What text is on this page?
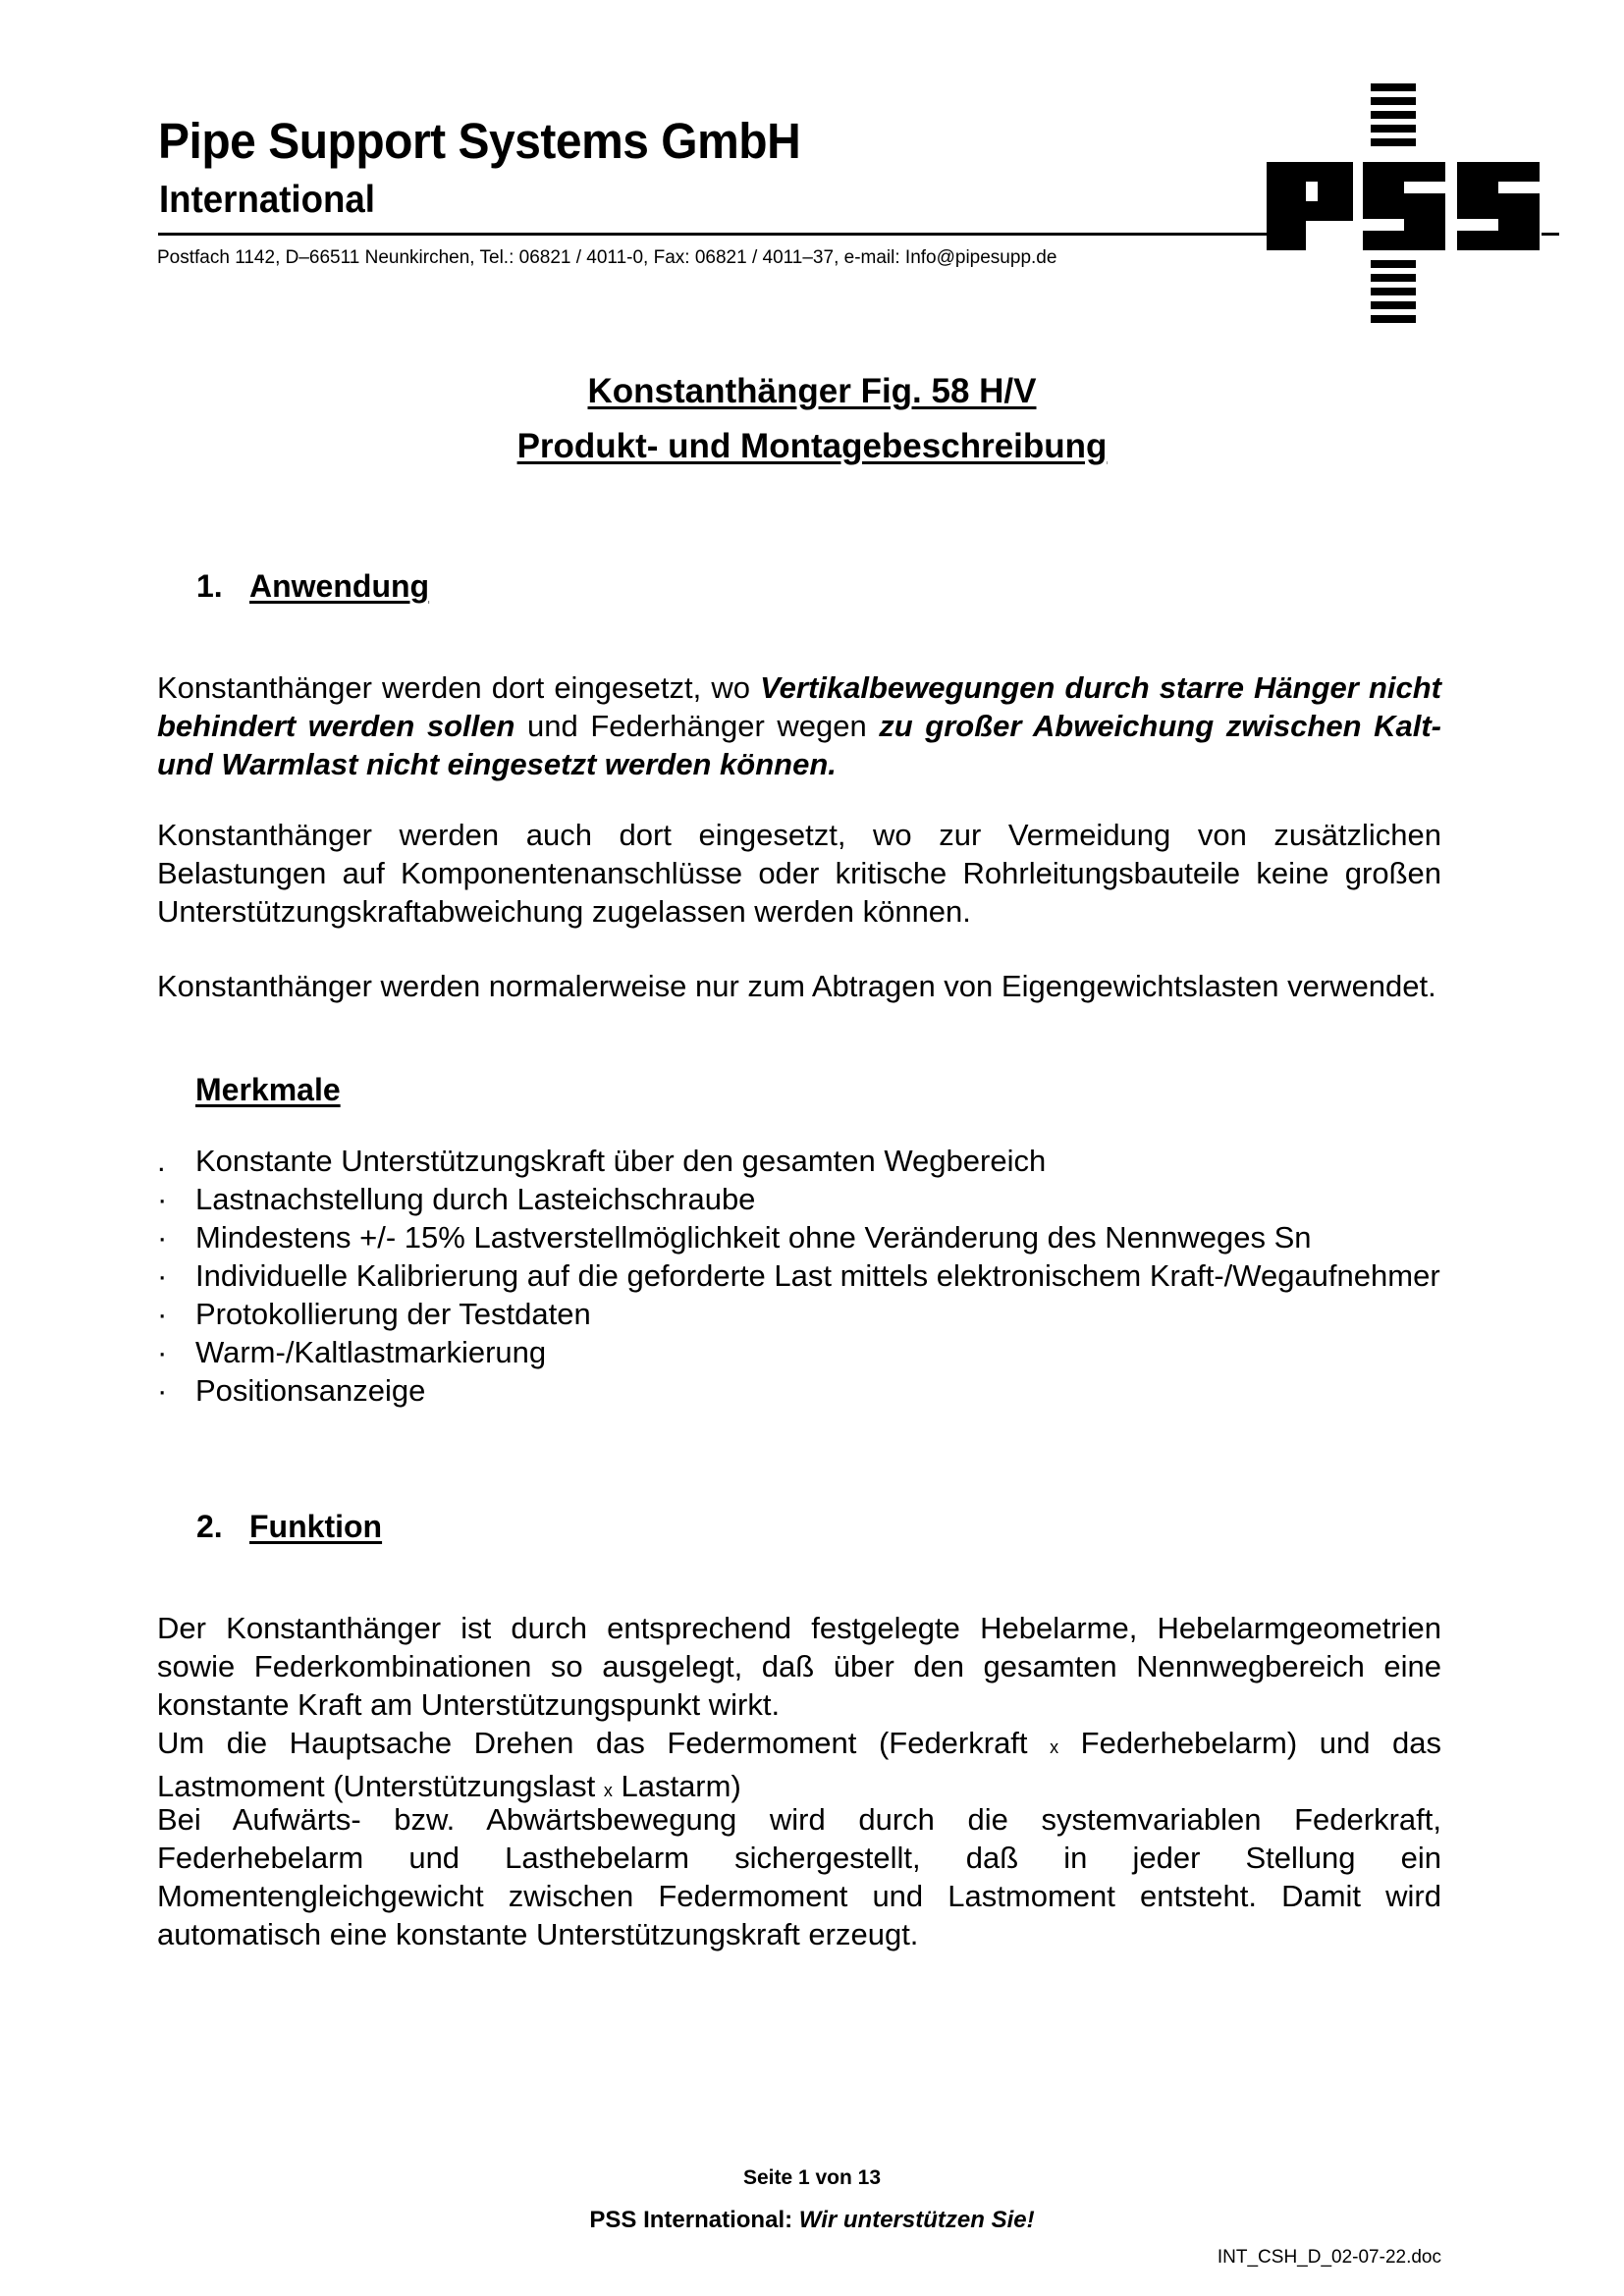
Pipe Support Systems GmbH
International
Postfach 1142, D–66511 Neunkirchen, Tel.: 06821 / 4011-0, Fax: 06821 / 4011–37, e-mail: Info@pipesupp.de
Konstanthänger Fig. 58 H/V
Produkt- und Montagebeschreibung
1. Anwendung
Konstanthänger werden dort eingesetzt, wo Vertikalbewegungen durch starre Hänger nicht behindert werden sollen und Federhänger wegen zu großer Abweichung zwischen Kalt- und Warmlast nicht eingesetzt werden können.
Konstanthänger werden auch dort eingesetzt, wo zur Vermeidung von zusätzlichen Belastungen auf Komponentenanschlüsse oder kritische Rohrleitungsbauteile keine großen Unterstützungskraftabweichung zugelassen werden können.
Konstanthänger werden normalerweise nur zum Abtragen von Eigengewichtslasten verwendet.
Merkmale
. Konstante Unterstützungskraft über den gesamten Wegbereich
· Lastnachstellung durch Lasteichschraube
· Mindestens +/- 15% Lastverstellmöglichkeit ohne Veränderung des Nennweges Sn
· Individuelle Kalibrierung auf die geforderte Last mittels elektronischem Kraft-/Wegaufnehmer
· Protokollierung der Testdaten
· Warm-/Kaltlastmarkierung
· Positionsanzeige
2. Funktion
Der Konstanthänger ist durch entsprechend festgelegte Hebelarme, Hebelarmgeometrien sowie Federkombinationen so ausgelegt, daß über den gesamten Nennwegbereich eine konstante Kraft am Unterstützungspunkt wirkt.
Um die Hauptsache Drehen das Federmoment (Federkraft x Federhebelarm) und das Lastmoment (Unterstützungslast x Lastarm)
Bei Aufwärts- bzw. Abwärtsbewegung wird durch die systemvariablen Federkraft, Federhebelarm und Lasthebelarm sichergestellt, daß in jeder Stellung ein Momentengleichgewicht zwischen Federmoment und Lastmoment entsteht. Damit wird automatisch eine konstante Unterstützungskraft erzeugt.
Seite 1 von 13
PSS International: Wir unterstützen Sie!
INT_CSH_D_02-07-22.doc
